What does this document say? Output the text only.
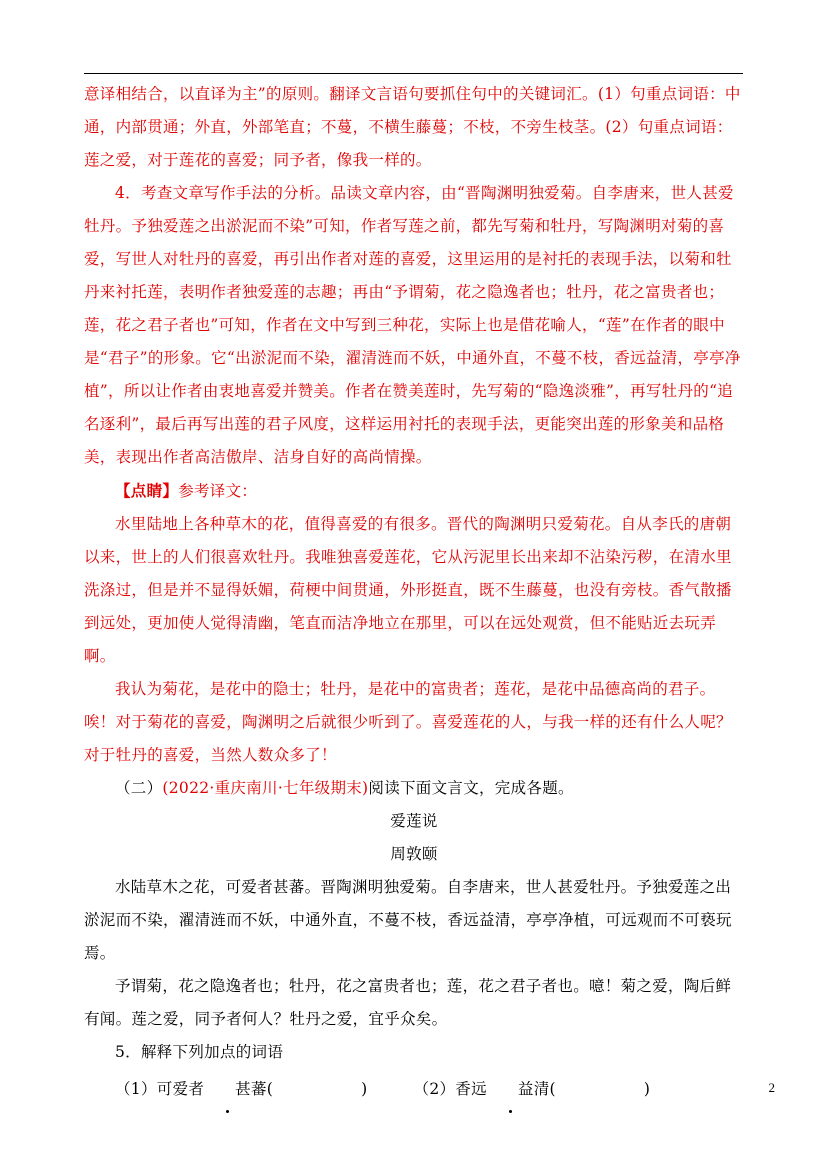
意译相结合，以直译为主”的原则。翻译文言语句要抓住句中的关键词汇。(1）句重点词语：中通，内部贯通；外直，外部笔直；不蔓，不横生藤蔓；不枝，不旁生枝茎。(2）句重点词语：莲之爱，对于莲花的喜爱；同予者，像我一样的。

4．考查文章写作手法的分析。品读文章内容，由“晋陶渊明独爱菊。自李唐来，世人甚爱牡丹。予独爱莲之出淤泥而不染”可知，作者写莲之前，都先写菊和牡丹，写陶渊明对菊的喜爱，写世人对牡丹的喜爱，再引出作者对莲的喜爱，这里运用的是衬托的表现手法，以菊和牡丹来衬托莲，表明作者独爱莲的志趣；再由“予谓菊，花之隐逸者也；牡丹，花之富贵者也；莲，花之君子者也”可知，作者在文中写到三种花，实际上也是借花喻人，“莲”在作者的眼中是“君子”的形象。它“出淤泥而不染，濯清涟而不妖，中通外直，不蔓不枝，香远益清，亭亭净植”，所以让作者由衷地喜爱并赞美。作者在赞美莲时，先写菊的“隐逸淡雅”，再写牡丹的“追名逐利”，最后再写出莲的君子风度，这样运用衬托的表现手法，更能突出莲的形象美和品格美，表现出作者高洁傲岸、洁身自好的高尚情操。

【点睛】参考译文：

水里陆地上各种草木的花，值得喜爱的有很多。晋代的陶渊明只爱菊花。自从李氏的唐朝以来，世上的人们很喜欢牡丹。我唯独喜爱莲花，它从污泥里长出来却不沾染污秽，在清水里洗涤过，但是并不显得妖媚，荷梗中间贯通，外形挺直，既不生藤蔓，也没有旁枝。香气散播到远处，更加使人觉得清幽，笔直而洁净地立在那里，可以在远处观赏，但不能贴近去玩弄啊。

我认为菊花，是花中的隐士；牡丹，是花中的富贵者；莲花，是花中品德高尚的君子。唉！对于菊花的喜爱，陶渊明之后就很少听到了。喜爱莲花的人，与我一样的还有什么人呢？对于牡丹的喜爱，当然人数众多了！

（二）(2022·重庆南川·七年级期末)阅读下面文言文，完成各题。

爱莲说

周敦颐

水陆草木之花，可爱者甚蕃。晋陶渊明独爱菊。自李唐来，世人甚爱牡丹。予独爱莲之出淤泥而不染，濯清涟而不妖，中通外直，不蔓不枝，香远益清，亭亭净植，可远观而不可亵玩焉。

予谓菊，花之隐逸者也；牡丹，花之富贵者也；莲，花之君子者也。噫！菊之爱，陶后鲜有闻。莲之爱，同予者何人？牡丹之爱，宜乎众矣。

5．解释下列加点的词语

（1）可爱者 甚蕃(	)	（2）香远 益清(	)	2
